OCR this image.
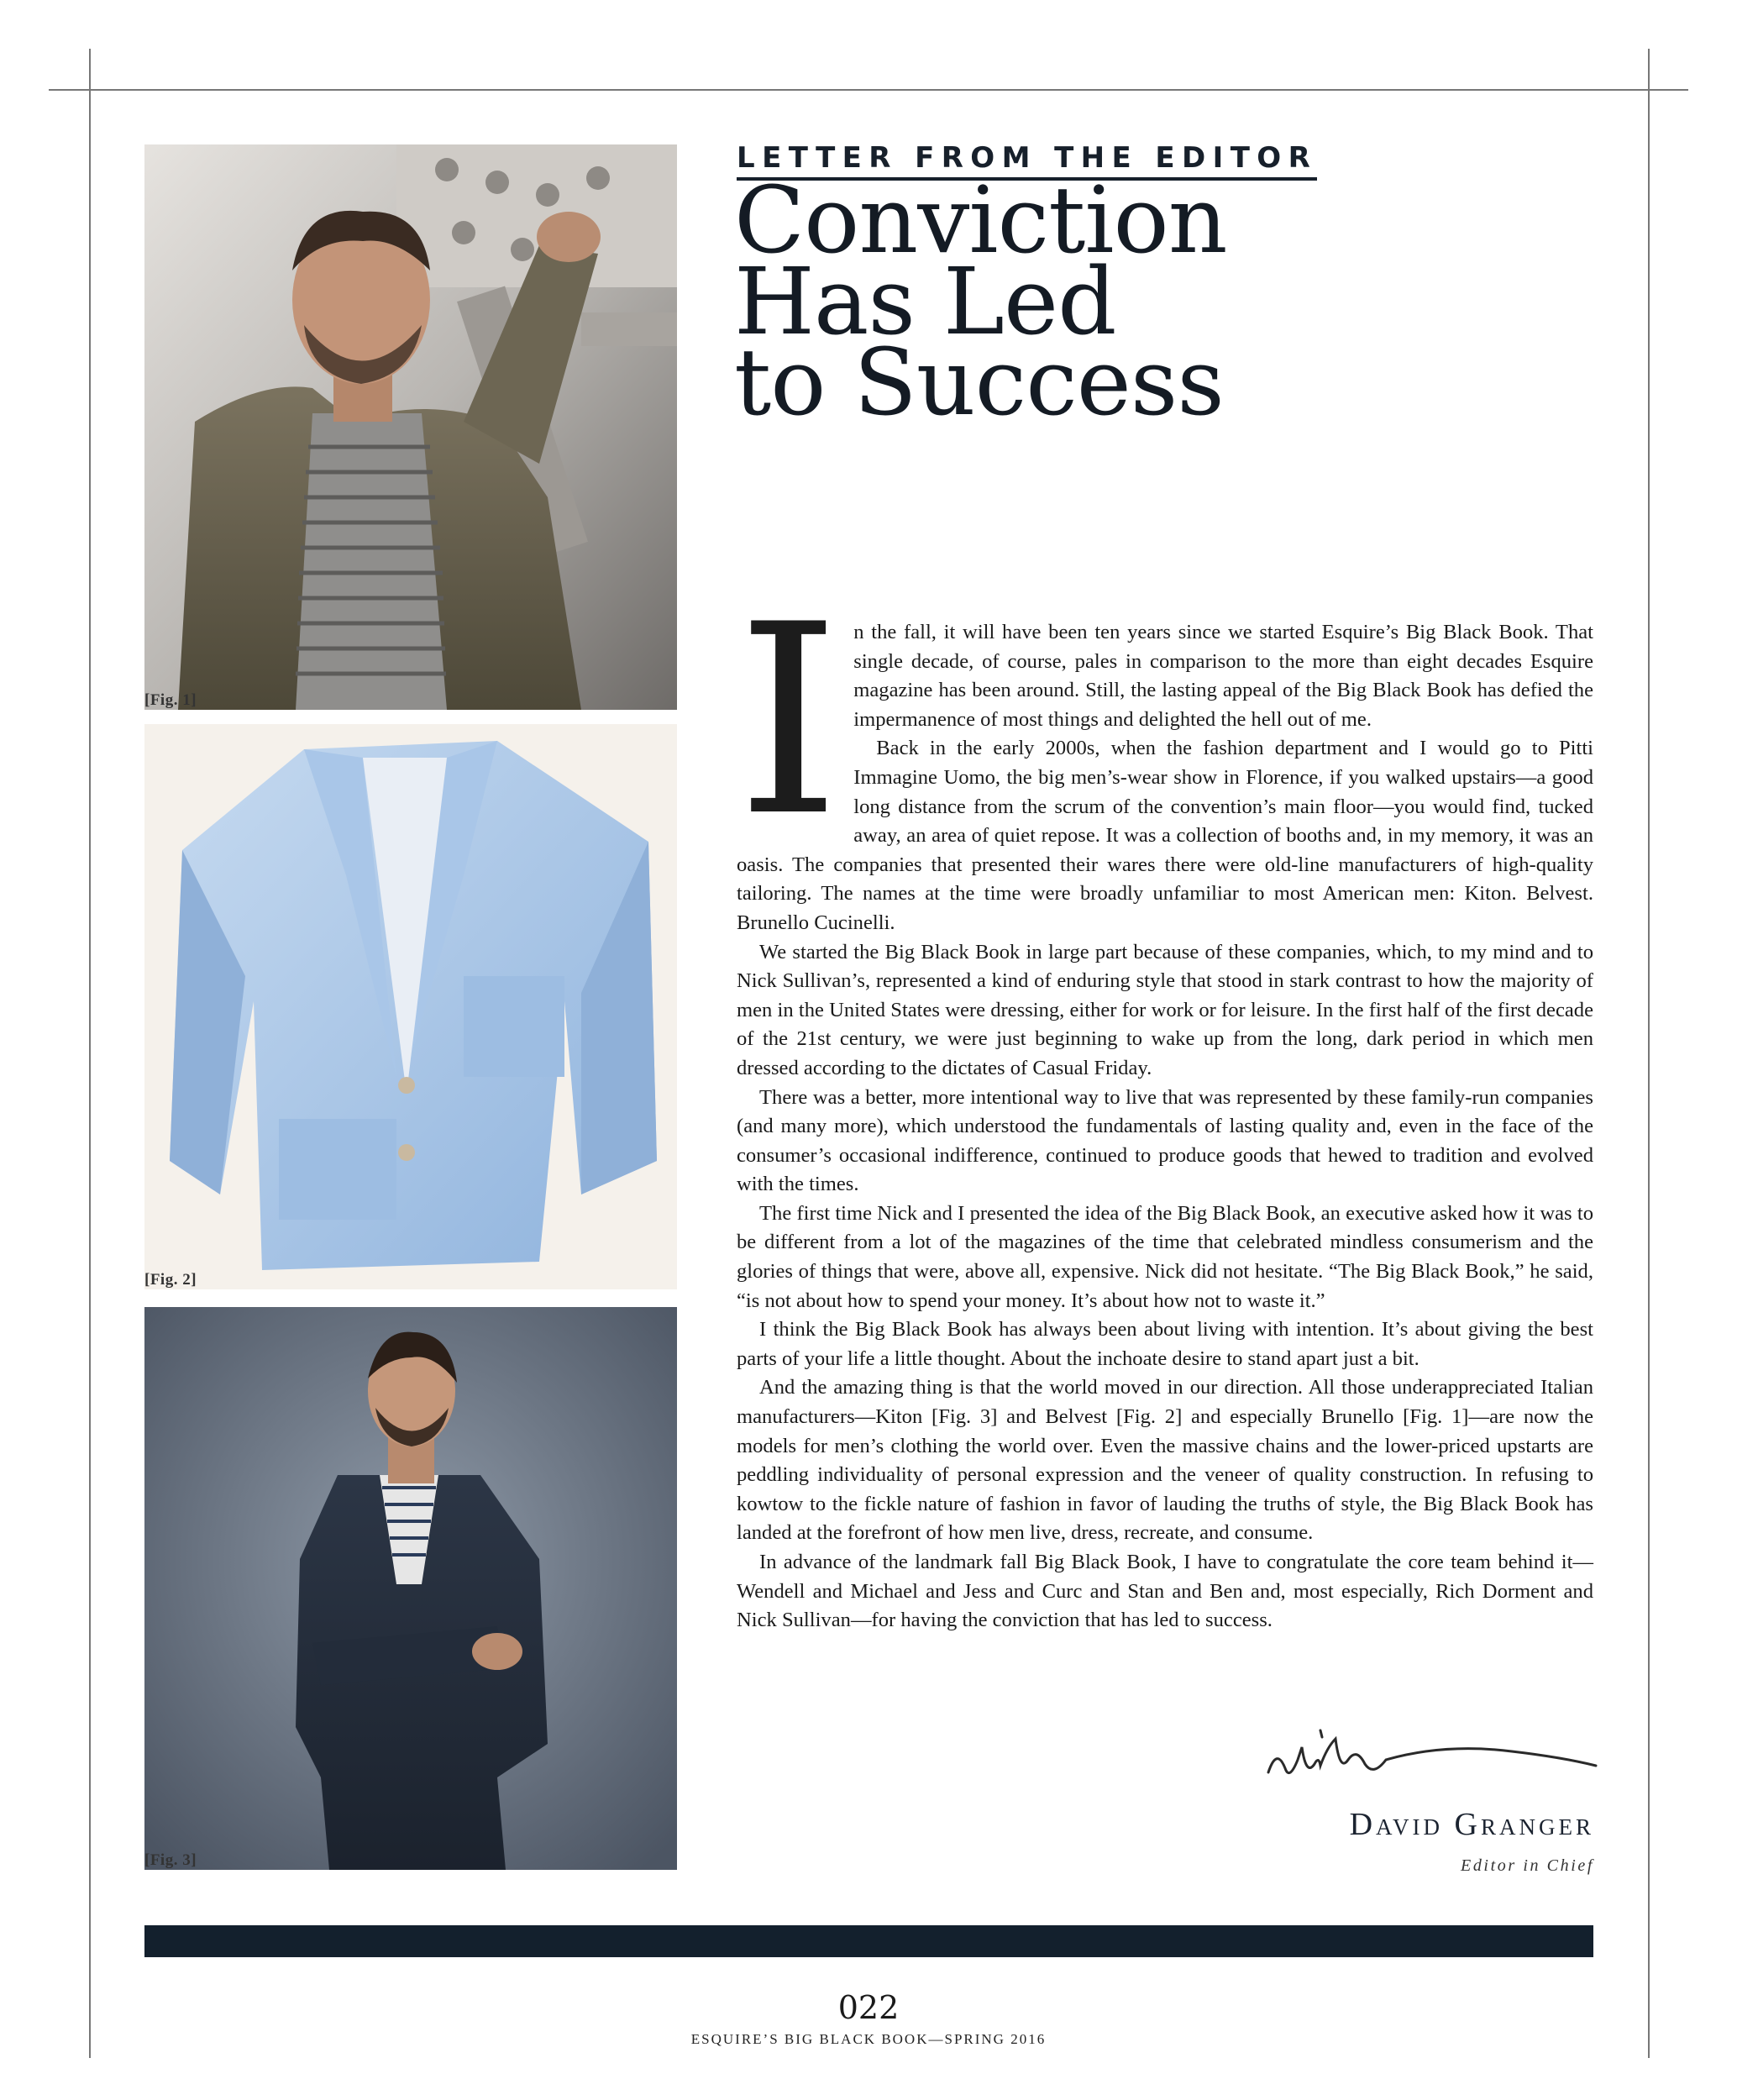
[Fig. 1]
[Fig. 2]
[Fig. 3]
LETTER FROM THE EDITOR
Conviction
Has Led
to Success
I n the fall, it will have been ten years since we started Esquire’s Big Black Book. That single decade, of course, pales in comparison to the more than eight decades Esquire magazine has been around. Still, the lasting appeal of the Big Black Book has defied the impermanence of most things and delighted the hell out of me.

Back in the early 2000s, when the fashion department and I would go to Pitti Immagine Uomo, the big men’s-wear show in Florence, if you walked upstairs—a good long distance from the scrum of the convention’s main floor—you would find, tucked away, an area of quiet repose. It was a collection of booths and, in my memory, it was an oasis. The companies that presented their wares there were old-line manufacturers of high-quality tailoring. The names at the time were broadly unfamiliar to most American men: Kiton. Belvest. Brunello Cucinelli.

We started the Big Black Book in large part because of these companies, which, to my mind and to Nick Sullivan’s, represented a kind of enduring style that stood in stark contrast to how the majority of men in the United States were dressing, either for work or for leisure. In the first half of the first decade of the 21st century, we were just beginning to wake up from the long, dark period in which men dressed according to the dictates of Casual Friday.

There was a better, more intentional way to live that was represented by these family-run companies (and many more), which understood the fundamentals of lasting quality and, even in the face of the consumer’s occasional indifference, continued to produce goods that hewed to tradition and evolved with the times.

The first time Nick and I presented the idea of the Big Black Book, an executive asked how it was to be different from a lot of the magazines of the time that celebrated mindless consumerism and the glories of things that were, above all, expensive. Nick did not hesitate. “The Big Black Book,” he said, “is not about how to spend your money. It’s about how not to waste it.”

I think the Big Black Book has always been about living with intention. It’s about giving the best parts of your life a little thought. About the inchoate desire to stand apart just a bit.

And the amazing thing is that the world moved in our direction. All those underappreciated Italian manufacturers—Kiton [Fig. 3] and Belvest [Fig. 2] and especially Brunello [Fig. 1]—are now the models for men’s clothing the world over. Even the massive chains and the lower-priced upstarts are peddling individuality of personal expression and the veneer of quality construction. In refusing to kowtow to the fickle nature of fashion in favor of lauding the truths of style, the Big Black Book has landed at the forefront of how men live, dress, recreate, and consume.

In advance of the landmark fall Big Black Book, I have to congratulate the core team behind it—Wendell and Michael and Jess and Curc and Stan and Ben and, most especially, Rich Dorment and Nick Sullivan—for having the conviction that has led to success.

David Granger
Editor in Chief
022
ESQUIRE’S BIG BLACK BOOK—SPRING 2016
